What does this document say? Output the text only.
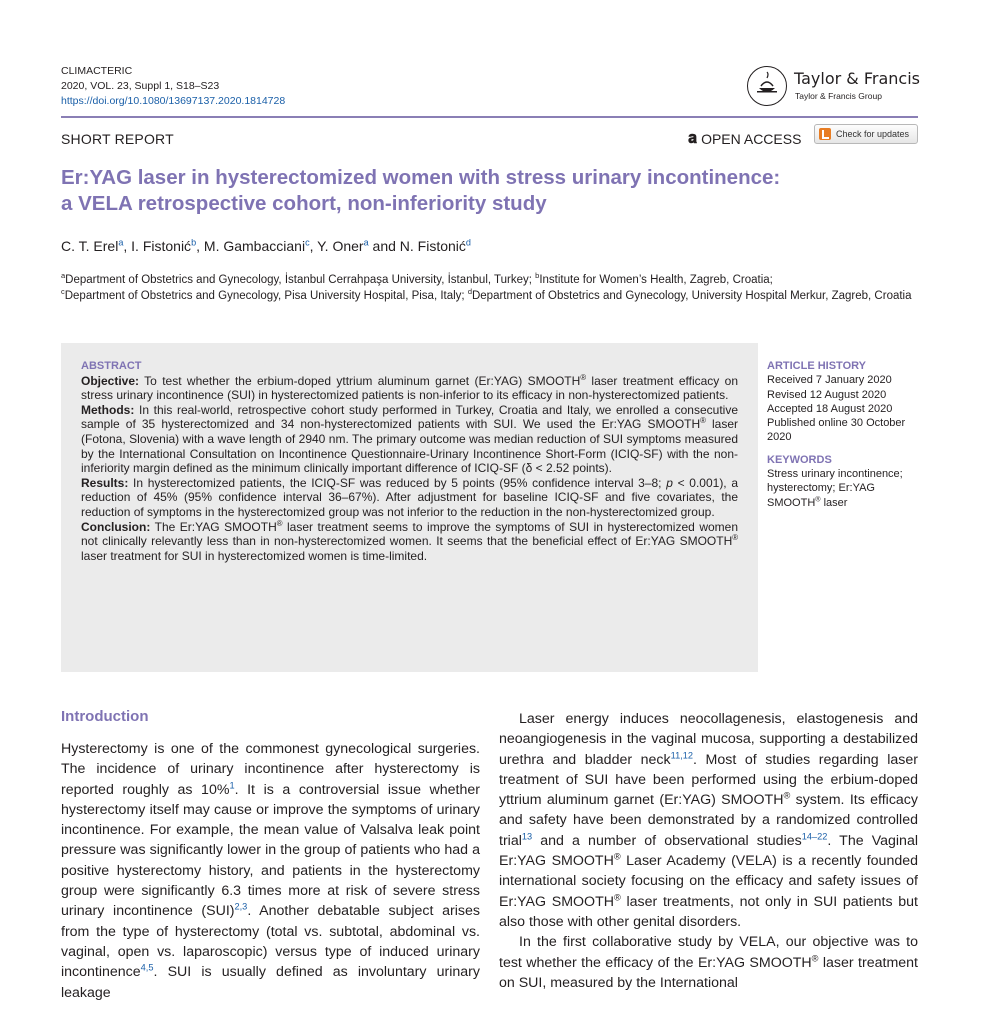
CLIMACTERIC
2020, VOL. 23, Suppl 1, S18–S23
https://doi.org/10.1080/13697137.2020.1814728
Taylor & Francis
Taylor & Francis Group
SHORT REPORT	𝐚 OPEN ACCESS	Check for updates
Er:YAG laser in hysterectomized women with stress urinary incontinence:
a VELA retrospective cohort, non-inferiority study
C. T. Erel$^a$, I. Fistonić$^b$, M. Gambacciani$^c$, Y. Oner$^a$ and N. Fistonić$^d$
$^a$Department of Obstetrics and Gynecology, İstanbul Cerrahpaşa University, İstanbul, Turkey; $^b$Institute for Women’s Health, Zagreb, Croatia;
$^c$Department of Obstetrics and Gynecology, Pisa University Hospital, Pisa, Italy; $^d$Department of Obstetrics and Gynecology, University Hospital Merkur, Zagreb, Croatia
ABSTRACT

Objective: To test whether the erbium-doped yttrium aluminum garnet (Er:YAG) SMOOTH® laser treatment efficacy on stress urinary incontinence (SUI) in hysterectomized patients is non-inferior to its efficacy in non-hysterectomized patients.

Methods: In this real-world, retrospective cohort study performed in Turkey, Croatia and Italy, we enrolled a consecutive sample of 35 hysterectomized and 34 non-hysterectomized patients with SUI. We used the Er:YAG SMOOTH® laser (Fotona, Slovenia) with a wave length of 2940 nm. The primary outcome was median reduction of SUI symptoms measured by the International Consultation on Incontinence Questionnaire-Urinary Incontinence Short-Form (ICIQ-SF) with the non-inferiority margin defined as the minimum clinically important difference of ICIQ-SF (δ < 2.52 points).

Results: In hysterectomized patients, the ICIQ-SF was reduced by 5 points (95% confidence interval 3–8; p < 0.001), a reduction of 45% (95% confidence interval 36–67%). After adjustment for baseline ICIQ-SF and five covariates, the reduction of symptoms in the hysterectomized group was not inferior to the reduction in the non-hysterectomized group.

Conclusion: The Er:YAG SMOOTH® laser treatment seems to improve the symptoms of SUI in hysterectomized women not clinically relevantly less than in non-hysterectomized women. It seems that the beneficial effect of Er:YAG SMOOTH® laser treatment for SUI in hysterectomized women is time-limited.

ARTICLE HISTORY
Received 7 January 2020
Revised 12 August 2020
Accepted 18 August 2020
Published online 30 October 2020
KEYWORDS
Stress urinary incontinence; hysterectomy; Er:YAG SMOOTH® laser
Introduction

Hysterectomy is one of the commonest gynecological surgeries. The incidence of urinary incontinence after hysterectomy is reported roughly as 10%$^1$. It is a controversial issue whether hysterectomy itself may cause or improve the symptoms of urinary incontinence. For example, the mean value of Valsalva leak point pressure was significantly lower in the group of patients who had a positive hysterectomy history, and patients in the hysterectomy group were significantly 6.3 times more at risk of severe stress urinary incontinence (SUI)$^{2,3}$. Another debatable subject arises from the type of hysterectomy (total vs. subtotal, abdominal vs. vaginal, open vs. laparoscopic) versus type of induced urinary incontinence$^{4,5}$. SUI is usually defined as involuntary urinary leakage

Laser energy induces neocollagenesis, elastogenesis and neoangiogenesis in the vaginal mucosa, supporting a destabilized urethra and bladder neck$^{11,12}$. Most of studies regarding laser treatment of SUI have been performed using the erbium-doped yttrium aluminum garnet (Er:YAG) SMOOTH® system. Its efficacy and safety have been demonstrated by a randomized controlled trial$^{13}$ and a number of observational studies$^{14-22}$. The Vaginal Er:YAG SMOOTH® Laser Academy (VELA) is a recently founded international society focusing on the efficacy and safety issues of Er:YAG SMOOTH® laser treatments, not only in SUI patients but also those with other genital disorders.

In the first collaborative study by VELA, our objective was to test whether the efficacy of the Er:YAG SMOOTH® laser treatment on SUI, measured by the International
